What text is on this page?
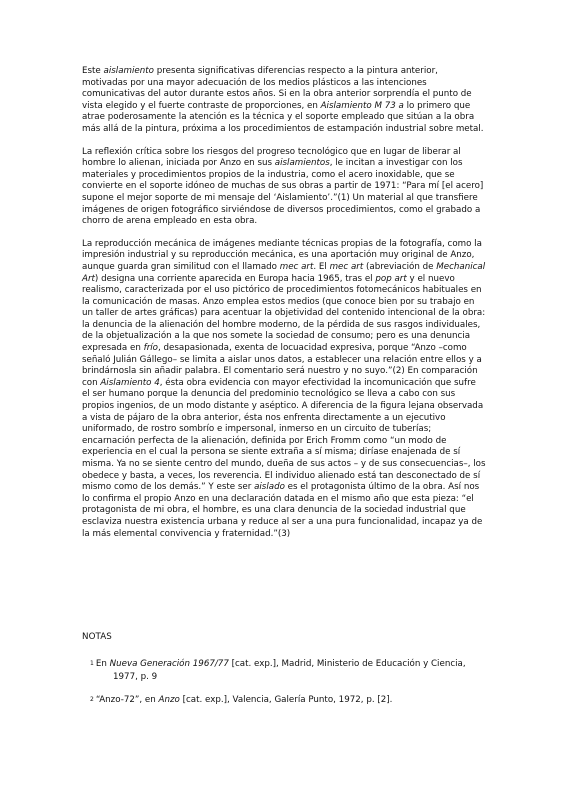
Este aislamiento presenta significativas diferencias respecto a la pintura anterior, motivadas por una mayor adecuación de los medios plásticos a las intenciones comunicativas del autor durante estos años. Si en la obra anterior sorprendía el punto de vista elegido y el fuerte contraste de proporciones, en Aislamiento M 73 a lo primero que atrae poderosamente la atención es la técnica y el soporte empleado que sitúan a la obra más allá de la pintura, próxima a los procedimientos de estampación industrial sobre metal.

La reflexión crítica sobre los riesgos del progreso tecnológico que en lugar de liberar al hombre lo alienan, iniciada por Anzo en sus aislamientos, le incitan a investigar con los materiales y procedimientos propios de la industria, como el acero inoxidable, que se convierte en el soporte idóneo de muchas de sus obras a partir de 1971: “Para mí [el acero] supone el mejor soporte de mi mensaje del ‘Aislamiento’.”(1) Un material al que transfiere imágenes de origen fotográfico sirviéndose de diversos procedimientos, como el grabado a chorro de arena empleado en esta obra.

La reproducción mecánica de imágenes mediante técnicas propias de la fotografía, como la impresión industrial y su reproducción mecánica, es una aportación muy original de Anzo, aunque guarda gran similitud con el llamado mec art. El mec art (abreviación de Mechanical Art) designa una corriente aparecida en Europa hacia 1965, tras el pop art y el nuevo realismo, caracterizada por el uso pictórico de procedimientos fotomecánicos habituales en la comunicación de masas. Anzo emplea estos medios (que conoce bien por su trabajo en un taller de artes gráficas) para acentuar la objetividad del contenido intencional de la obra: la denuncia de la alienación del hombre moderno, de la pérdida de sus rasgos individuales, de la objetualización a la que nos somete la sociedad de consumo; pero es una denuncia expresada en frío, desapasionada, exenta de locuacidad expresiva, porque “Anzo –como señaló Julián Gállego– se limita a aislar unos datos, a establecer una relación entre ellos y a brindárnosla sin añadir palabra. El comentario será nuestro y no suyo.”(2) En comparación con Aislamiento 4, ésta obra evidencia con mayor efectividad la incomunicación que sufre el ser humano porque la denuncia del predominio tecnológico se lleva a cabo con sus propios ingenios, de un modo distante y aséptico. A diferencia de la figura lejana observada a vista de pájaro de la obra anterior, ésta nos enfrenta directamente a un ejecutivo uniformado, de rostro sombrío e impersonal, inmerso en un circuito de tuberías; encarnación perfecta de la alienación, definida por Erich Fromm como “un modo de experiencia en el cual la persona se siente extraña a sí misma; diríase enajenada de sí misma. Ya no se siente centro del mundo, dueña de sus actos – y de sus consecuencias–, los obedece y basta, a veces, los reverencia. El individuo alienado está tan desconectado de sí mismo como de los demás.” Y este ser aislado es el protagonista último de la obra. Así nos lo confirma el propio Anzo en una declaración datada en el mismo año que esta pieza: “el protagonista de mi obra, el hombre, es una clara denuncia de la sociedad industrial que esclaviza nuestra existencia urbana y reduce al ser a una pura funcionalidad, incapaz ya de la más elemental convivencia y fraternidad.”(3)

NOTAS
1 En Nueva Generación 1967/77 [cat. exp.], Madrid, Ministerio de Educación y Ciencia,
1977, p. 9
2 “Anzo-72”, en Anzo [cat. exp.], Valencia, Galería Punto, 1972, p. [2].
